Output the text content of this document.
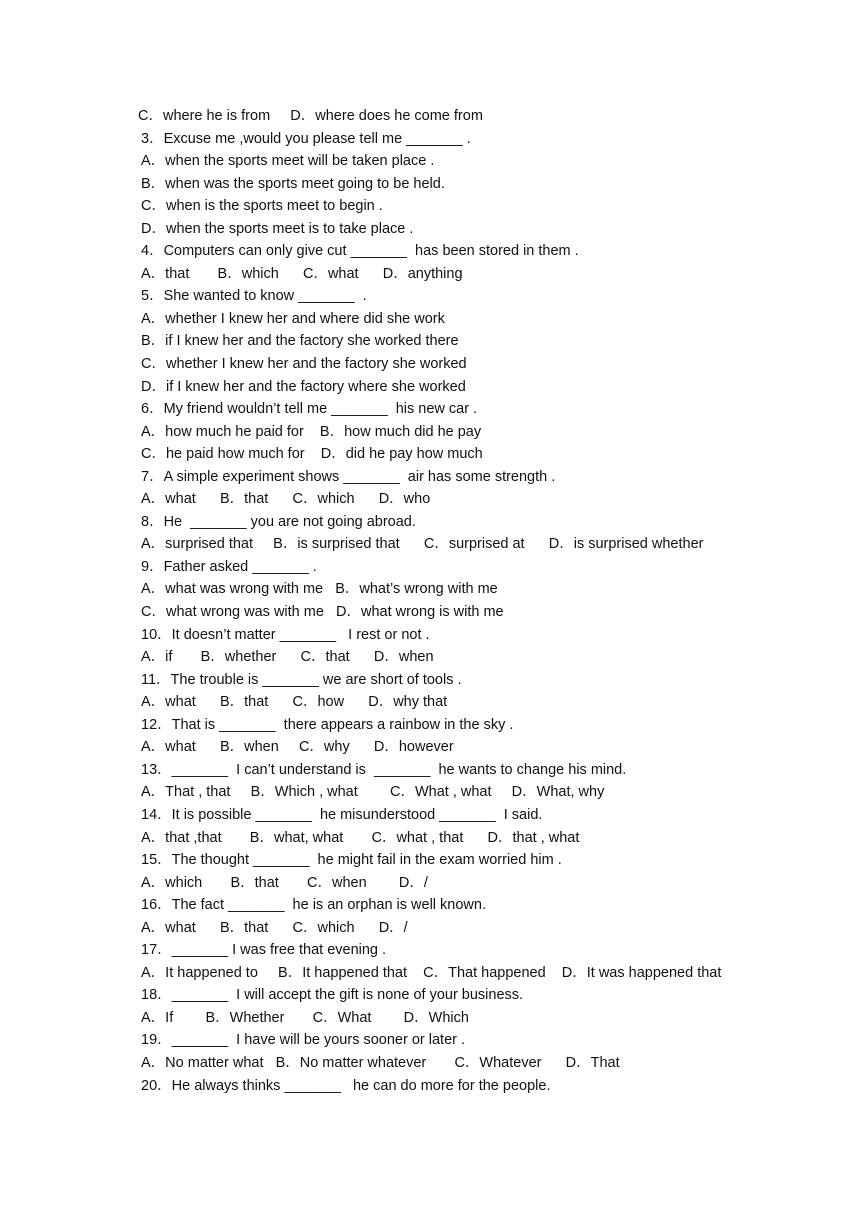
C．where he is from     D．where does he come from
3．Excuse me ,would you please tell me _______ .
A．when the sports meet will be taken place .
B．when was the sports meet going to be held.
C．when is the sports meet to begin .
D．when the sports meet is to take place .
4．Computers can only give cut _______  has been stored in them .
A．that       B．which      C．what      D．anything
5．She wanted to know _______  .
A．whether I knew her and where did she work
B．if I knew her and the factory she worked there
C．whether I knew her and the factory she worked
D．if I knew her and the factory where she worked
6．My friend wouldn’t tell me _______  his new car .
A．how much he paid for    B．how much did he pay
C．he paid how much for    D．did he pay how much
7．A simple experiment shows _______  air has some strength .
A．what      B．that      C．which      D．who
8．He  _______ you are not going abroad.
A．surprised that     B．is surprised that      C．surprised at      D．is surprised whether
9．Father asked _______ .
A．what was wrong with me   B．what’s wrong with me
C．what wrong was with me   D．what wrong is with me
10．It doesn’t matter _______   I rest or not .
A．if       B．whether      C．that      D．when
11．The trouble is _______ we are short of tools .
A．what      B．that      C．how      D．why that
12．That is _______  there appears a rainbow in the sky .
A．what      B．when     C．why      D．however
13．_______  I can’t understand is  _______  he wants to change his mind.
A．That , that     B．Which , what        C．What , what     D．What, why
14．It is possible _______  he misunderstood _______  I said.
A．that ,that       B．what, what       C．what , that      D．that , what
15．The thought _______  he might fail in the exam worried him .
A．which       B．that       C．when        D．/
16．The fact _______  he is an orphan is well known.
A．what      B．that      C．which      D．/
17．_______ I was free that evening .
A．It happened to     B．It happened that    C．That happened    D．It was happened that
18．_______  I will accept the gift is none of your business.
A．If        B．Whether       C．What        D．Which
19．_______  I have will be yours sooner or later .
A．No matter what   B．No matter whatever       C．Whatever      D．That
20．He always thinks _______   he can do more for the people.
